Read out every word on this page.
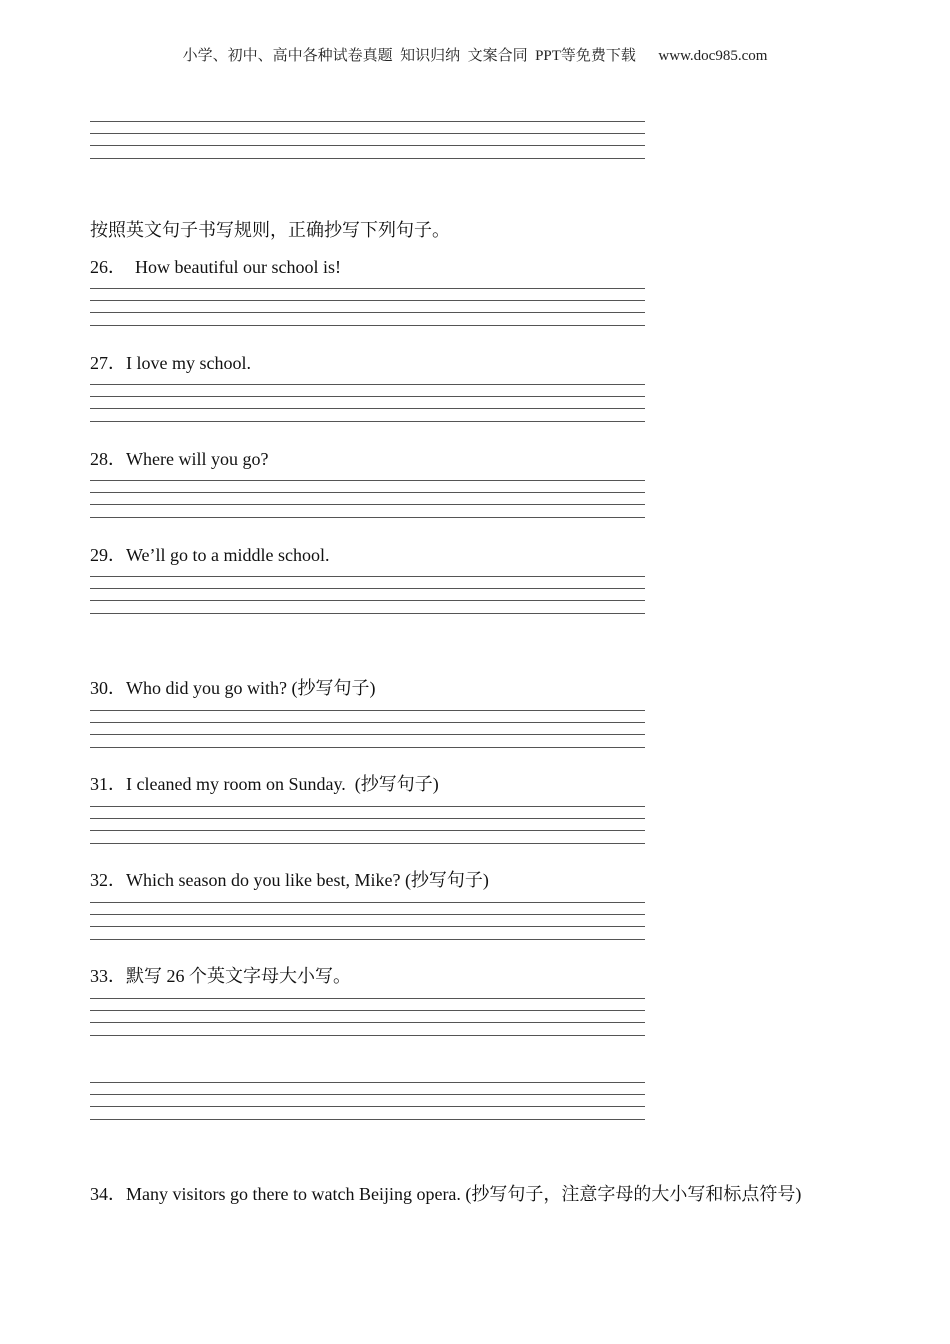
小学、初中、高中各种试卷真题  知识归纳  文案合同  PPT等免费下载      www.doc985.com
按照英文句子书写规则，正确抄写下列句子。
26．  How beautiful our school is!
27．I love my school.
28．Where will you go?
29．We’ll go to a middle school.
30．Who did you go with? (抄写句子)
31．I cleaned my room on Sunday.  (抄写句子)
32．Which season do you like best, Mike? (抄写句子)
33．默写 26 个英文字母大小写。
34．Many visitors go there to watch Beijing opera. (抄写句子，注意字母的大小写和标点符号)
